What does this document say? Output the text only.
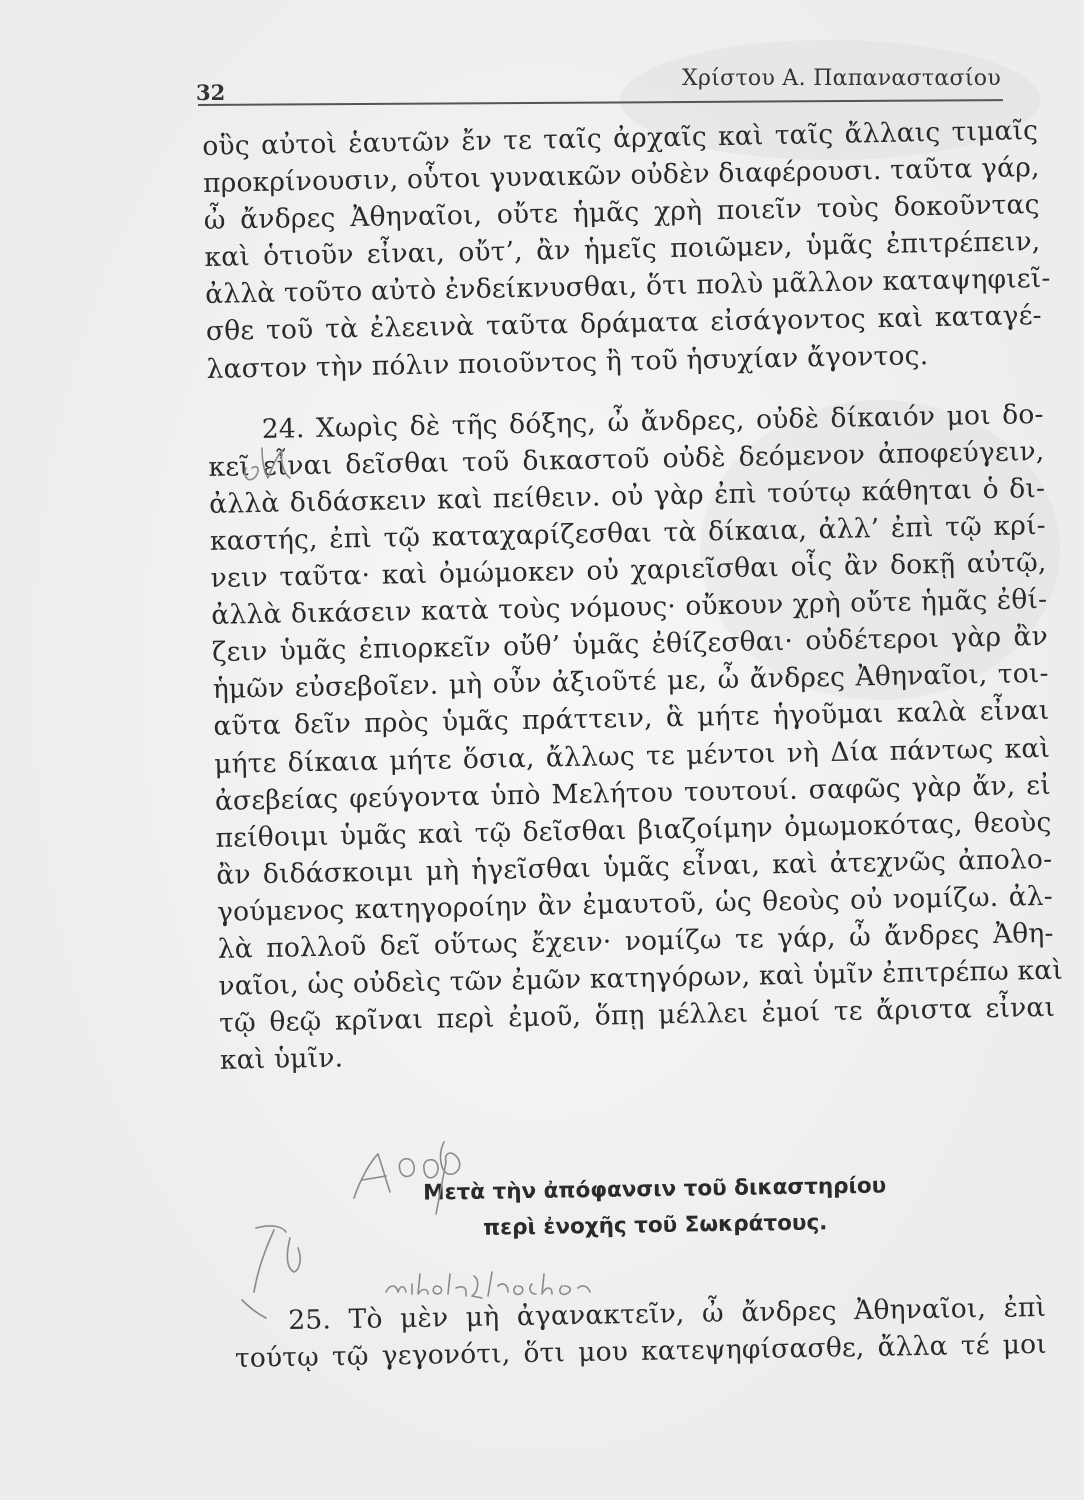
32
Χρίστου Α. Παπαναστασίου
οὓς αὐτοὶ ἑαυτῶν ἔν τε ταῖς ἀρχαῖς καὶ ταῖς ἄλλαις τιμαῖς
προκρίνουσιν, οὗτοι γυναικῶν οὐδὲν διαφέρουσι. ταῦτα γάρ,
ὦ ἄνδρες Ἀθηναῖοι, οὔτε ἡμᾶς χρὴ ποιεῖν τοὺς δοκοῦντας
καὶ ὁτιοῦν εἶναι, οὔτ’, ἂν ἡμεῖς ποιῶμεν, ὑμᾶς ἐπιτρέπειν,
ἀλλὰ τοῦτο αὐτὸ ἐνδείκνυσθαι, ὅτι πολὺ μᾶλλον καταψηφιεῖ-
σθε τοῦ τὰ ἐλεεινὰ ταῦτα δράματα εἰσάγοντος καὶ καταγέ-
λαστον τὴν πόλιν ποιοῦντος ἢ τοῦ ἡσυχίαν ἄγοντος.
24. Χωρὶς δὲ τῆς δόξης, ὦ ἄνδρες, οὐδὲ δίκαιόν μοι δο-
κεῖ εἶναι δεῖσθαι τοῦ δικαστοῦ οὐδὲ δεόμενον ἀποφεύγειν,
ἀλλὰ διδάσκειν καὶ πείθειν. οὐ γὰρ ἐπὶ τούτῳ κάθηται ὁ δι-
καστής, ἐπὶ τῷ καταχαρίζεσθαι τὰ δίκαια, ἀλλ’ ἐπὶ τῷ κρί-
νειν ταῦτα· καὶ ὀμώμοκεν οὐ χαριεῖσθαι οἷς ἂν δοκῇ αὐτῷ,
ἀλλὰ δικάσειν κατὰ τοὺς νόμους· οὔκουν χρὴ οὔτε ἡμᾶς ἐθί-
ζειν ὑμᾶς ἐπιορκεῖν οὔθ’ ὑμᾶς ἐθίζεσθαι· οὐδέτεροι γὰρ ἂν
ἡμῶν εὐσεβοῖεν. μὴ οὖν ἀξιοῦτέ με, ὦ ἄνδρες Ἀθηναῖοι, τοι-
αῦτα δεῖν πρὸς ὑμᾶς πράττειν, ἃ μήτε ἡγοῦμαι καλὰ εἶναι
μήτε δίκαια μήτε ὅσια, ἄλλως τε μέντοι νὴ Δία πάντως καὶ
ἀσεβείας φεύγοντα ὑπὸ Μελήτου τουτουί. σαφῶς γὰρ ἄν, εἰ
πείθοιμι ὑμᾶς καὶ τῷ δεῖσθαι βιαζοίμην ὀμωμοκότας, θεοὺς
ἂν διδάσκοιμι μὴ ἡγεῖσθαι ὑμᾶς εἶναι, καὶ ἀτεχνῶς ἀπολο-
γούμενος κατηγοροίην ἂν ἐμαυτοῦ, ὡς θεοὺς οὐ νομίζω. ἀλ-
λὰ πολλοῦ δεῖ οὕτως ἔχειν· νομίζω τε γάρ, ὦ ἄνδρες Ἀθη-
ναῖοι, ὡς οὐδεὶς τῶν ἐμῶν κατηγόρων, καὶ ὑμῖν ἐπιτρέπω καὶ
τῷ θεῷ κρῖναι περὶ ἐμοῦ, ὅπῃ μέλλει ἐμοί τε ἄριστα εἶναι
καὶ ὑμῖν.
Μετὰ τὴν ἀπόφανσιν τοῦ δικαστηρίου
περὶ ἐνοχῆς τοῦ Σωκράτους.
25. Τὸ μὲν μὴ ἀγανακτεῖν, ὦ ἄνδρες Ἀθηναῖοι, ἐπὶ
τούτῳ τῷ γεγονότι, ὅτι μου κατεψηφίσασθε, ἄλλα τέ μοι
